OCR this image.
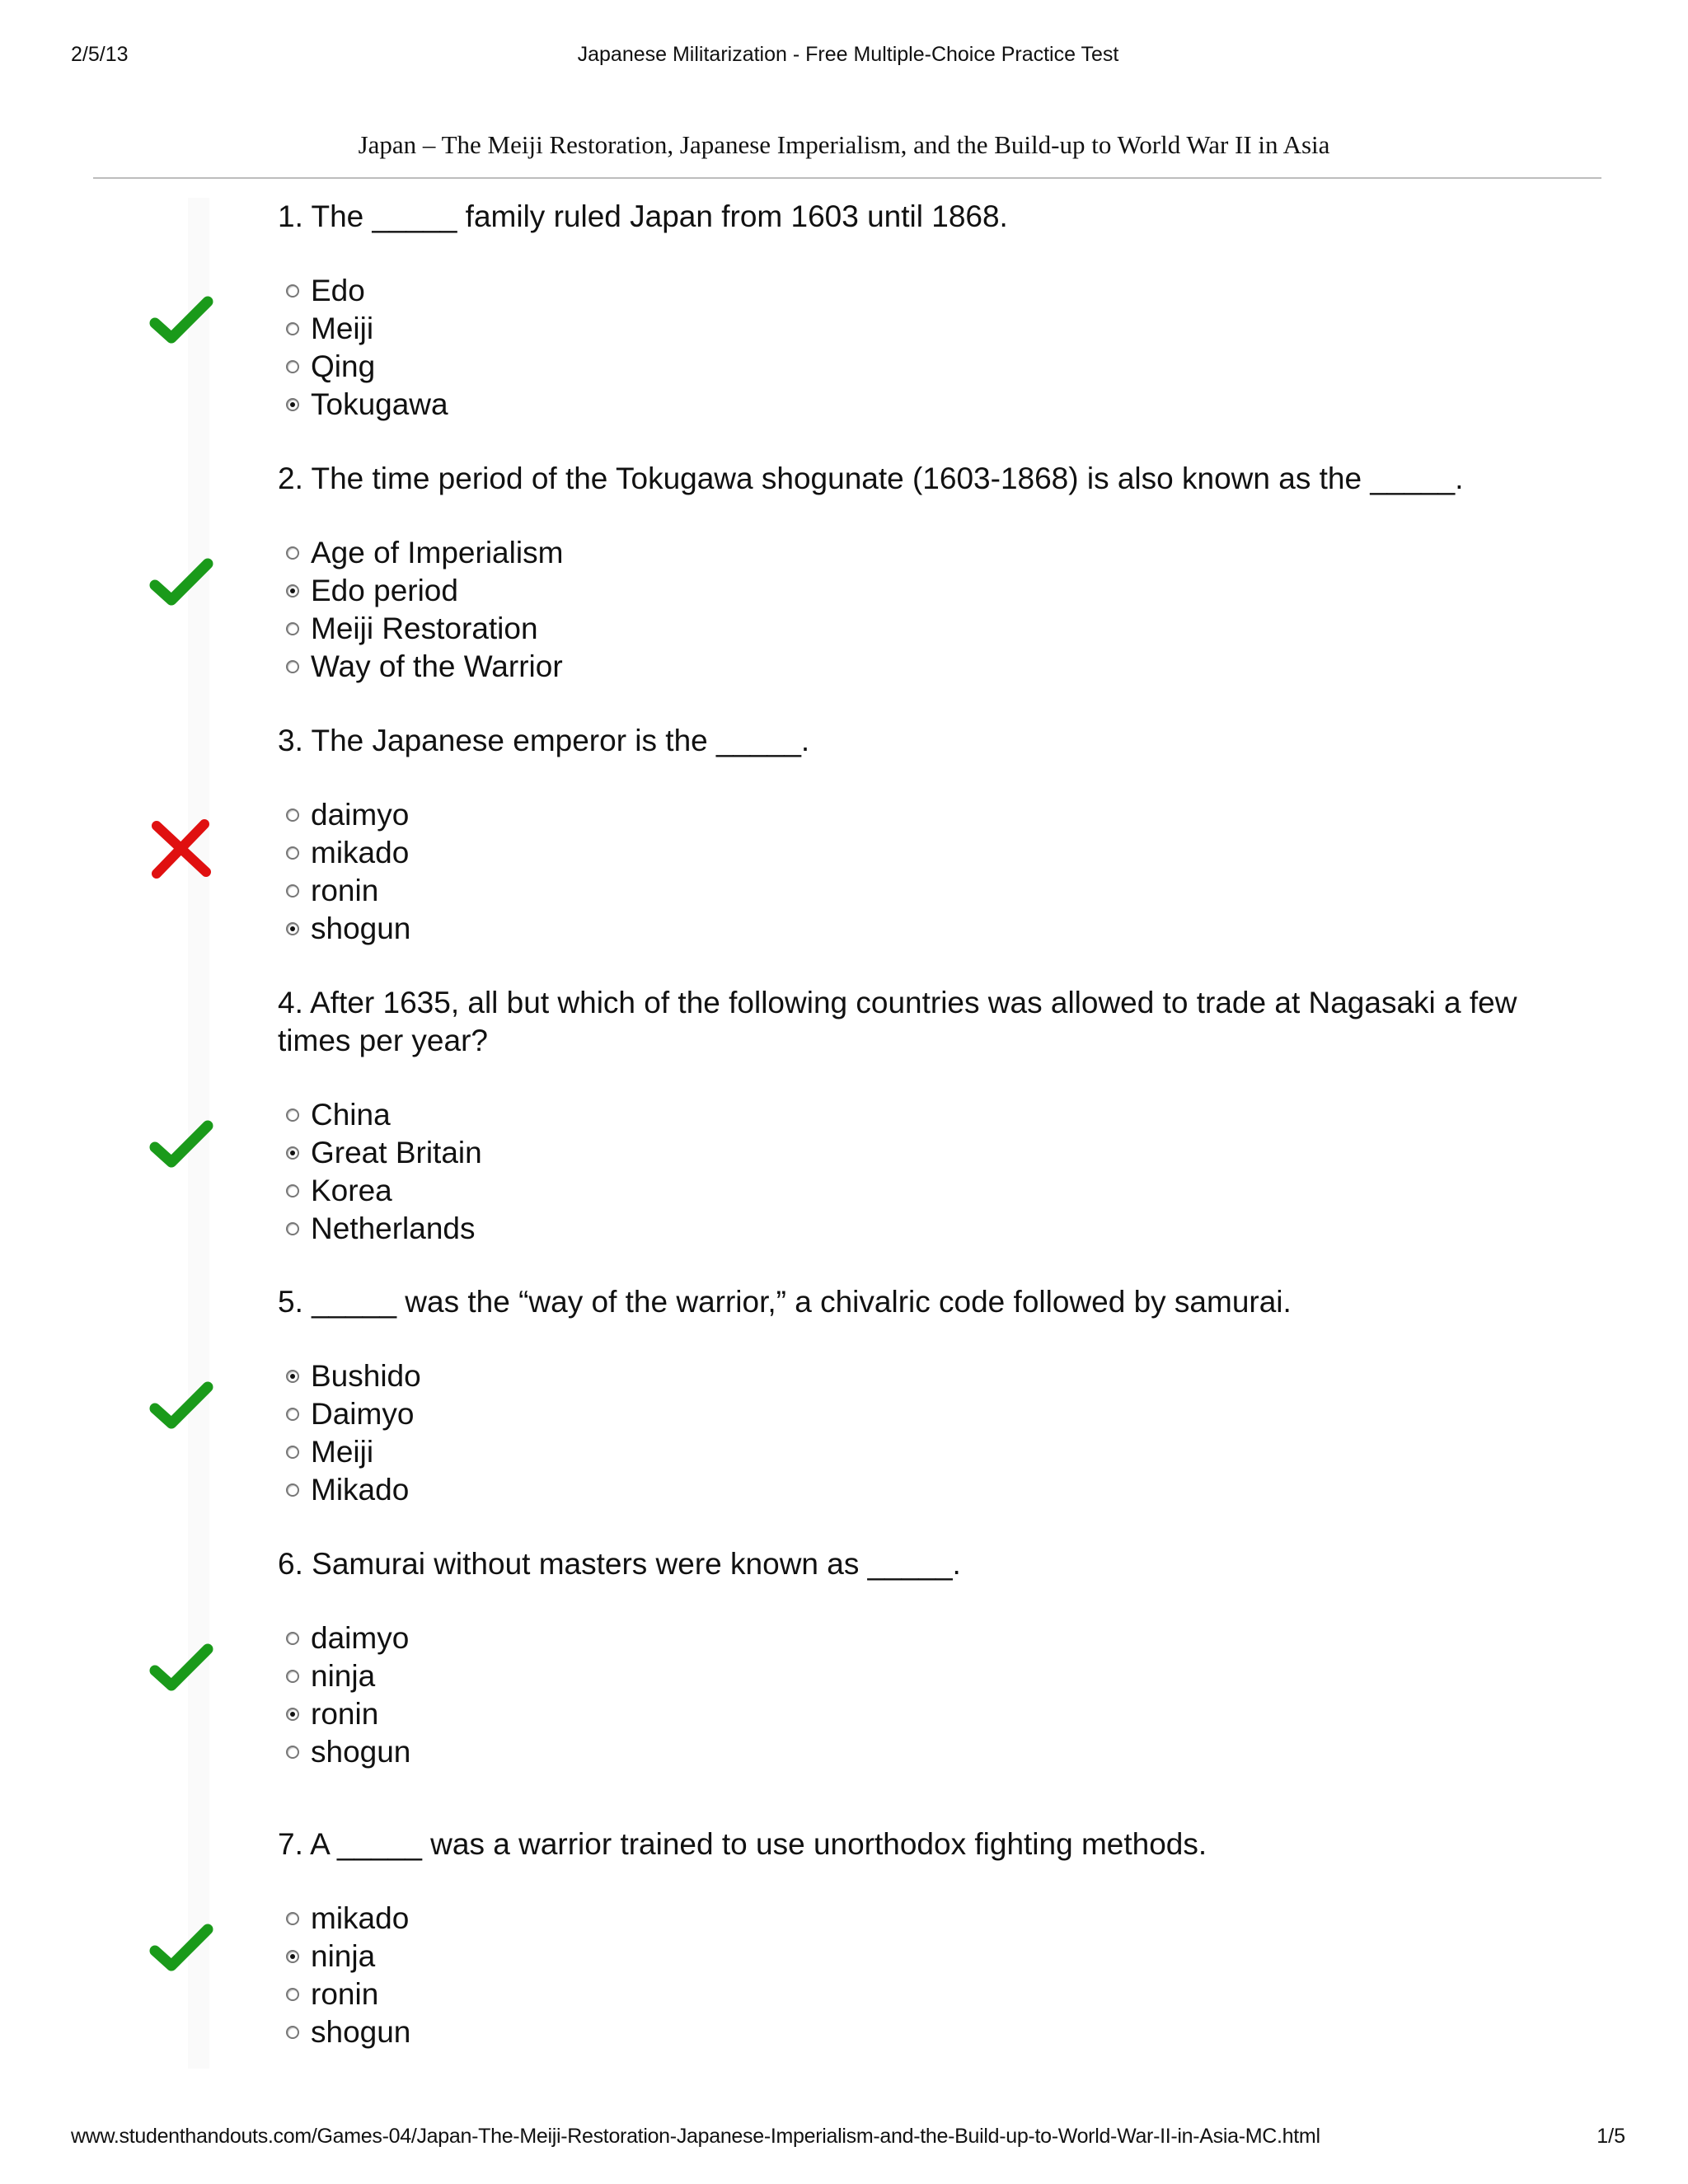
2/5/13	Japanese Militarization - Free Multiple-Choice Practice Test
Japan – The Meiji Restoration, Japanese Imperialism, and the Build-up to World War II in Asia
1. The _____ family ruled Japan from 1603 until 1868.
Edo
Meiji
Qing
Tokugawa
2. The time period of the Tokugawa shogunate (1603-1868) is also known as the _____.
Age of Imperialism
Edo period
Meiji Restoration
Way of the Warrior
3. The Japanese emperor is the _____.
daimyo
mikado
ronin
shogun
4. After 1635, all but which of the following countries was allowed to trade at Nagasaki a few times per year?
China
Great Britain
Korea
Netherlands
5. _____ was the “way of the warrior,” a chivalric code followed by samurai.
Bushido
Daimyo
Meiji
Mikado
6. Samurai without masters were known as _____.
daimyo
ninja
ronin
shogun
7. A _____ was a warrior trained to use unorthodox fighting methods.
mikado
ninja
ronin
shogun
www.studenthandouts.com/Games-04/Japan-The-Meiji-Restoration-Japanese-Imperialism-and-the-Build-up-to-World-War-II-in-Asia-MC.html	1/5
